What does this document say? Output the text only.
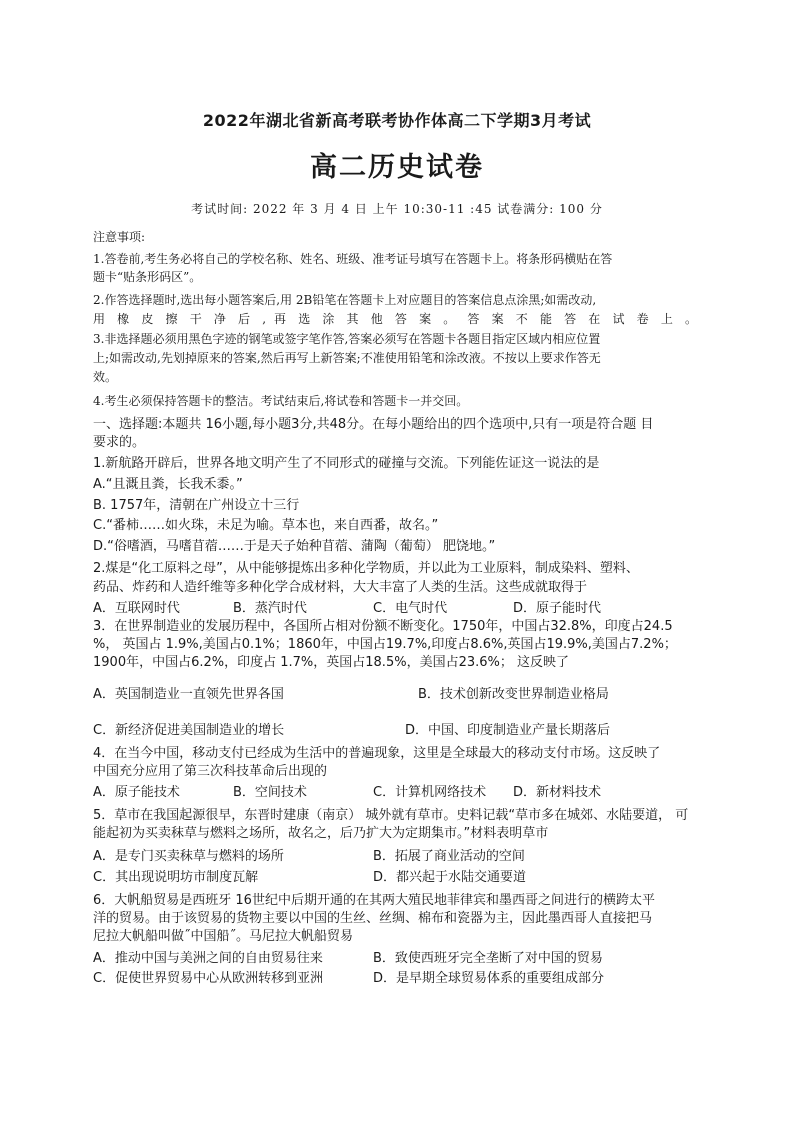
2022年湖北省新高考联考协作体高二下学期3月考试
高二历史试卷
考试时间: 2022 年 3 月 4 日 上午 10:30-11 :45 试卷满分: 100 分
注意事项:
1.答卷前,考生务必将自己的学校名称、姓名、班级、准考证号填写在答题卡上。将条形码横贴在答
题卡“贴条形码区”。
2.作答选择题时,选出每小题答案后,用 2B铅笔在答题卡上对应题目的答案信息点涂黑;如需改动,
用 橡 皮 擦 干 净 后 , 再 选 涂 其 他 答 案 。 答 案 不 能 答 在 试 卷 上 。
3.非选择题必须用黑色字迹的钢笔或签字笔作答,答案必须写在答题卡各题目指定区域内相应位置
上;如需改动,先划掉原来的答案,然后再写上新答案;不准使用铅笔和涂改液。不按以上要求作答无
效。
4.考生必须保持答题卡的整洁。考试结束后,将试卷和答题卡一并交回。
一、选择题:本题共 16小题,每小题3分,共48分。在每小题给出的四个选项中,只有一项是符合题 目
要求的。
1.新航路开辟后，世界各地文明产生了不同形式的碰撞与交流。下列能佐证这一说法的是
A.“且溉且粪，长我禾黍。”
B. 1757年，清朝在广州设立十三行
C.“番柿……如火珠，未足为喻。草本也，来自西番，故名。”
D.“俗嗜酒，马嗜苜蓿……于是天子始种苜蓿、蒲陶（葡萄） 肥饶地。”
2.煤是“化工原料之母”，从中能够提炼出多种化学物质，并以此为工业原料，制成染料、塑料、
药品、炸药和人造纤维等多种化学合成材料，大大丰富了人类的生活。这些成就取得于
A．互联网时代	B．蒸汽时代	C．电气时代	D．原子能时代
3．在世界制造业的发展历程中，各国所占相对份额不断变化。1750年，中国占32.8%，印度占24.5
%， 英国占 1.9%,美国占0.1%；1860年，中国占19.7%,印度占8.6%,英国占19.9%,美国占7.2%；
1900年，中国占6.2%，印度占 1.7%，英国占18.5%，美国占23.6%； 这反映了
A．英国制造业一直领先世界各国	B．技术创新改变世界制造业格局
C．新经济促进美国制造业的增长	D．中国、印度制造业产量长期落后
4．在当今中国，移动支付已经成为生活中的普遍现象，这里是全球最大的移动支付市场。这反映了
中国充分应用了第三次科技革命后出现的
A．原子能技术	B．空间技术	C．计算机网络技术 D．新材料技术
5．草市在我国起源很早，东晋时建康（南京） 城外就有草市。史料记载“草市多在城郊、水陆要道， 可
能起初为买卖秣草与燃料之场所，故名之，后乃扩大为定期集市。”材料表明草市
A．是专门买卖秣草与燃料的场所	B．拓展了商业活动的空间
C．其出现说明坊市制度瓦解	D．都兴起于水陆交通要道
6．大帆船贸易是西班牙 16世纪中后期开通的在其两大殖民地菲律宾和墨西哥之间进行的横跨太平
洋的贸易。由于该贸易的货物主要以中国的生丝、丝绸、棉布和瓷器为主，因此墨西哥人直接把马
尼拉大帆船叫做˝中国船˝。马尼拉大帆船贸易
A．推动中国与美洲之间的自由贸易往来	B．致使西班牙完全垄断了对中国的贸易
C．促使世界贸易中心从欧洲转移到亚洲	D．是早期全球贸易体系的重要组成部分
